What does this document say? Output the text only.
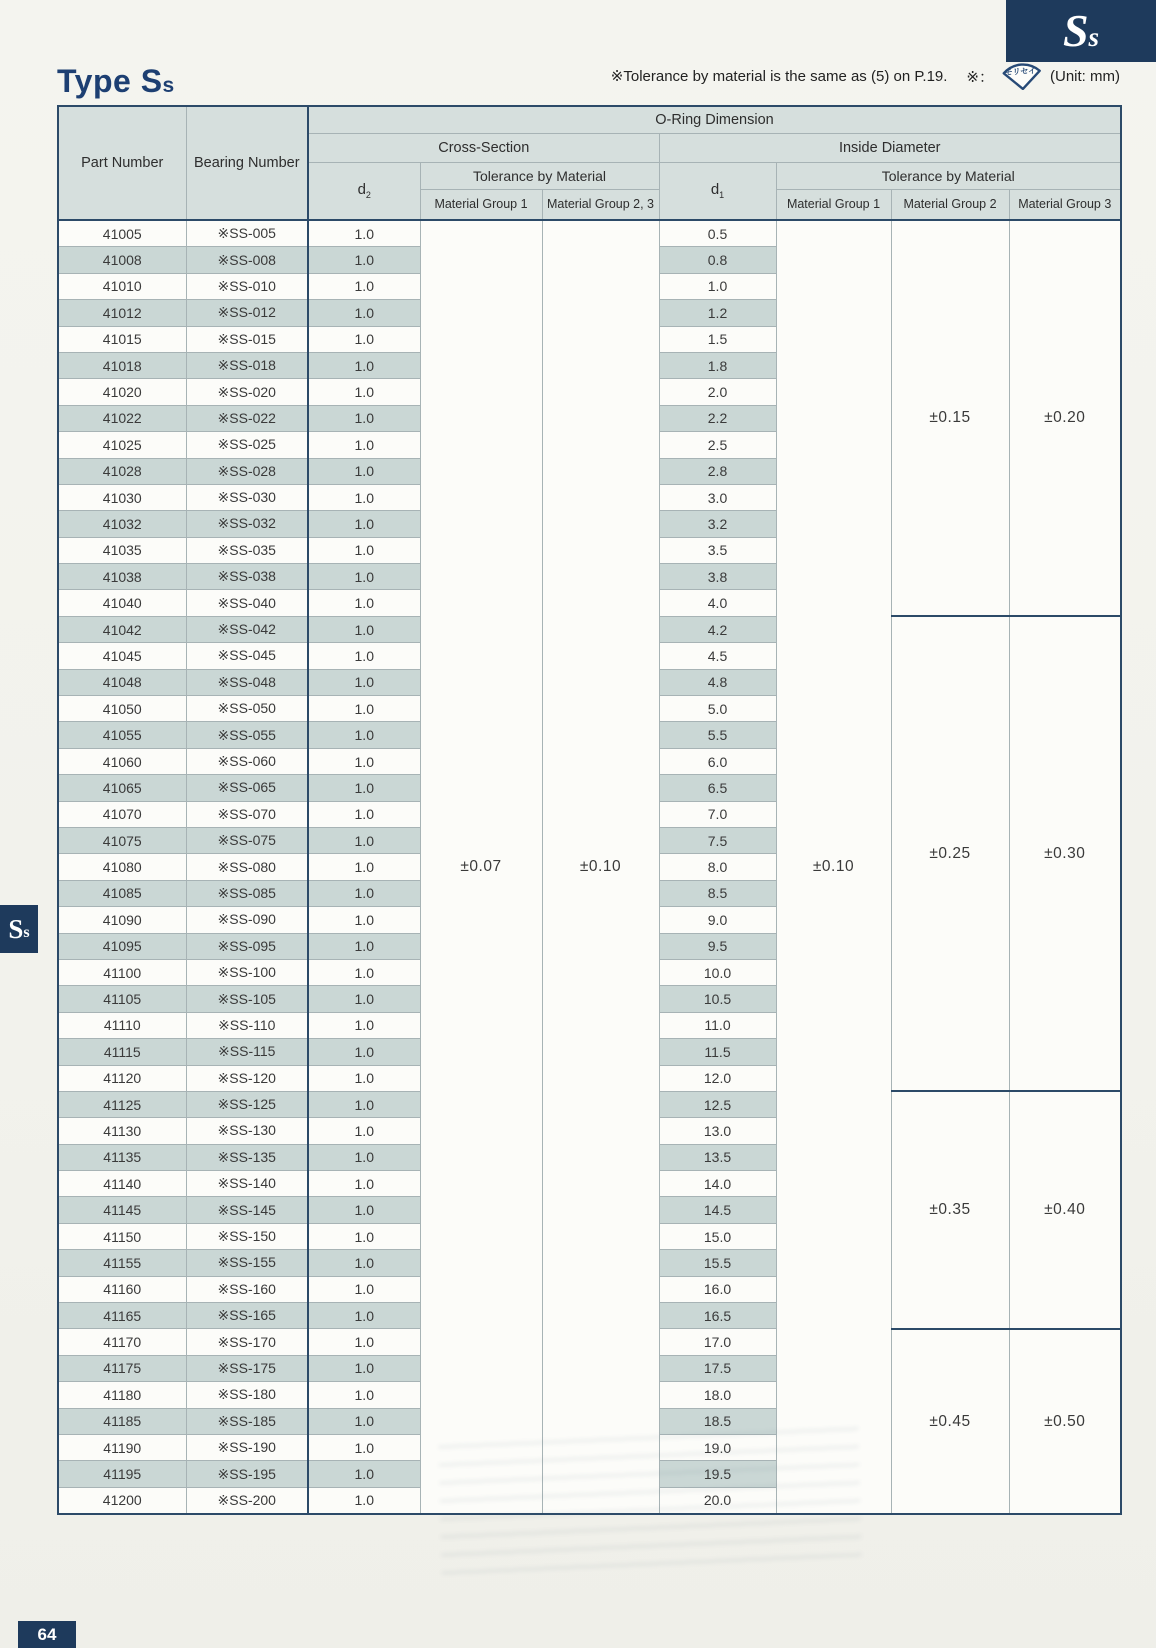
S s
Type Ss	※Tolerance by material is the same as (5) on P.19. ※： モリセイ (Unit: mm)
Part Number	Bearing Number	O-Ring Dimension						
		Cross-Section			Inside Diameter			
		$d_2$	Tolerance by Material		$d_1$	Tolerance by Material		
			Material Group 1	Material Group 2, 3		Material Group 1	Material Group 2	Material Group 3
41005	※SS-005	1.0	±0.07	±0.10	0.5	±0.10	±0.15	±0.20
41008	※SS-008	1.0			0.8			
41010	※SS-010	1.0			1.0			
41012	※SS-012	1.0			1.2			
41015	※SS-015	1.0			1.5			
41018	※SS-018	1.0			1.8			
41020	※SS-020	1.0			2.0			
41022	※SS-022	1.0			2.2			
41025	※SS-025	1.0			2.5			
41028	※SS-028	1.0			2.8			
41030	※SS-030	1.0			3.0			
41032	※SS-032	1.0			3.2			
41035	※SS-035	1.0			3.5			
41038	※SS-038	1.0			3.8			
41040	※SS-040	1.0			4.0			
41042	※SS-042	1.0			4.2		±0.25	±0.30
41045	※SS-045	1.0			4.5			
41048	※SS-048	1.0			4.8			
41050	※SS-050	1.0			5.0			
41055	※SS-055	1.0			5.5			
41060	※SS-060	1.0			6.0			
41065	※SS-065	1.0			6.5			
41070	※SS-070	1.0			7.0			
41075	※SS-075	1.0			7.5			
41080	※SS-080	1.0			8.0			
41085	※SS-085	1.0			8.5			
41090	※SS-090	1.0			9.0			
41095	※SS-095	1.0			9.5			
41100	※SS-100	1.0			10.0			
41105	※SS-105	1.0			10.5			
41110	※SS-110	1.0			11.0			
41115	※SS-115	1.0			11.5			
41120	※SS-120	1.0			12.0			
41125	※SS-125	1.0			12.5		±0.35	±0.40
41130	※SS-130	1.0			13.0			
41135	※SS-135	1.0			13.5			
41140	※SS-140	1.0			14.0			
41145	※SS-145	1.0			14.5			
41150	※SS-150	1.0			15.0			
41155	※SS-155	1.0			15.5			
41160	※SS-160	1.0			16.0			
41165	※SS-165	1.0			16.5			
41170	※SS-170	1.0			17.0		±0.45	±0.50
41175	※SS-175	1.0			17.5			
41180	※SS-180	1.0			18.0			
41185	※SS-185	1.0			18.5			
41190	※SS-190	1.0			19.0			
41195	※SS-195	1.0			19.5			
41200	※SS-200	1.0			20.0			
S s
64
